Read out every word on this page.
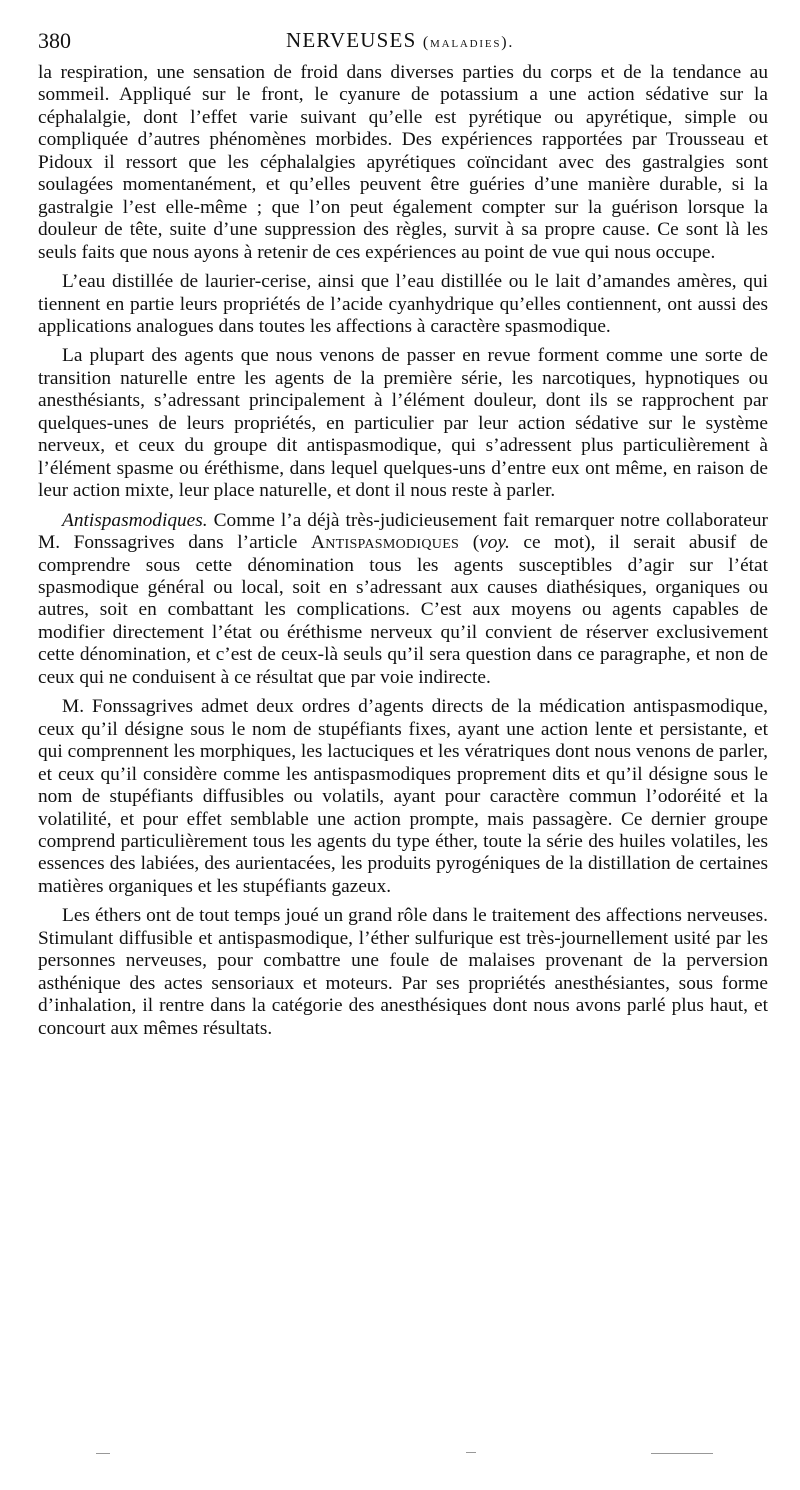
380	NERVEUSES (maladies).

la respiration, une sensation de froid dans diverses parties du corps et de la tendance au sommeil. Appliqué sur le front, le cyanure de potassium a une action sédative sur la céphalalgie, dont l’effet varie suivant qu’elle est pyrétique ou apyrétique, simple ou compliquée d’autres phénomènes morbides. Des expériences rapportées par Trousseau et Pidoux il ressort que les céphalalgies apyrétiques coïncidant avec des gastralgies sont soulagées momentanément, et qu’elles peuvent être guéries d’une manière durable, si la gastralgie l’est elle-même ; que l’on peut également compter sur la guérison lorsque la douleur de tête, suite d’une suppression des règles, survit à sa propre cause. Ce sont là les seuls faits que nous ayons à retenir de ces expériences au point de vue qui nous occupe.

L’eau distillée de laurier-cerise, ainsi que l’eau distillée ou le lait d’amandes amères, qui tiennent en partie leurs propriétés de l’acide cyanhydrique qu’elles contiennent, ont aussi des applications analogues dans toutes les affections à caractère spasmodique.

La plupart des agents que nous venons de passer en revue forment comme une sorte de transition naturelle entre les agents de la première série, les narcotiques, hypnotiques ou anesthésiants, s’adressant principalement à l’élément douleur, dont ils se rapprochent par quelques-unes de leurs propriétés, en particulier par leur action sédative sur le système nerveux, et ceux du groupe dit antispasmodique, qui s’adressent plus particulièrement à l’élément spasme ou éréthisme, dans lequel quelques-uns d’entre eux ont même, en raison de leur action mixte, leur place naturelle, et dont il nous reste à parler.

Antispasmodiques. Comme l’a déjà très-judicieusement fait remarquer notre collaborateur M. Fonssagrives dans l’article Antispasmodiques (voy. ce mot), il serait abusif de comprendre sous cette dénomination tous les agents susceptibles d’agir sur l’état spasmodique général ou local, soit en s’adressant aux causes diathésiques, organiques ou autres, soit en combattant les complications. C’est aux moyens ou agents capables de modifier directement l’état ou éréthisme nerveux qu’il convient de réserver exclusivement cette dénomination, et c’est de ceux-là seuls qu’il sera question dans ce paragraphe, et non de ceux qui ne conduisent à ce résultat que par voie indirecte.

M. Fonssagrives admet deux ordres d’agents directs de la médication antispasmodique, ceux qu’il désigne sous le nom de stupéfiants fixes, ayant une action lente et persistante, et qui comprennent les morphiques, les lactuciques et les vératriques dont nous venons de parler, et ceux qu’il considère comme les antispasmodiques proprement dits et qu’il désigne sous le nom de stupéfiants diffusibles ou volatils, ayant pour caractère commun l’odoréité et la volatilité, et pour effet semblable une action prompte, mais passagère. Ce dernier groupe comprend particulièrement tous les agents du type éther, toute la série des huiles volatiles, les essences des labiées, des aurientacées, les produits pyrogéniques de la distillation de certaines matières organiques et les stupéfiants gazeux.

Les éthers ont de tout temps joué un grand rôle dans le traitement des affections nerveuses. Stimulant diffusible et antispasmodique, l’éther sulfurique est très-journellement usité par les personnes nerveuses, pour combattre une foule de malaises provenant de la perversion asthénique des actes sensoriaux et moteurs. Par ses propriétés anesthésiantes, sous forme d’inhalation, il rentre dans la catégorie des anesthésiques dont nous avons parlé plus haut, et concourt aux mêmes résultats.
